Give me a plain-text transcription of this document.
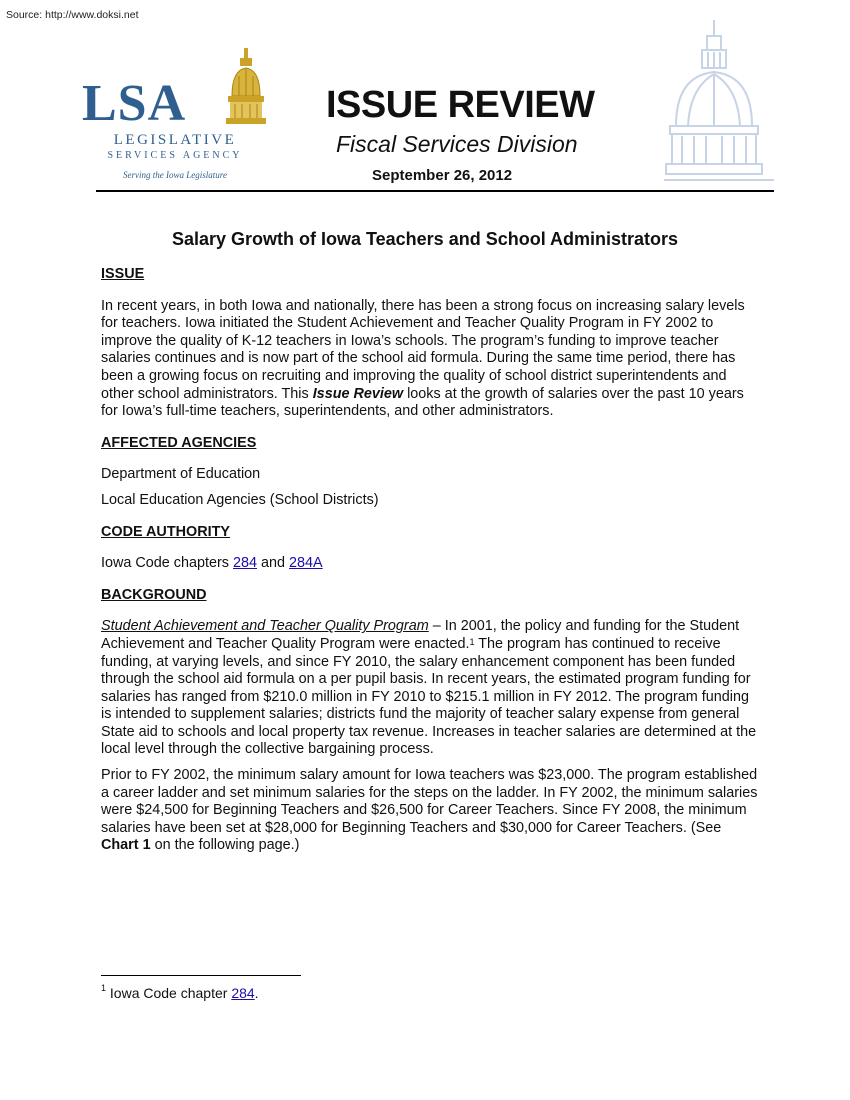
Source: http://www.doksi.net
LSA
LEGISLATIVE
SERVICES AGENCY
Serving the Iowa Legislature
ISSUE REVIEW
Fiscal Services Division
September 26, 2012
Salary Growth of Iowa Teachers and School Administrators
ISSUE

In recent years, in both Iowa and nationally, there has been a strong focus on increasing salary levels for teachers. Iowa initiated the Student Achievement and Teacher Quality Program in FY 2002 to improve the quality of K-12 teachers in Iowa’s schools. The program’s funding to improve teacher salaries continues and is now part of the school aid formula. During the same time period, there has been a growing focus on recruiting and improving the quality of school district superintendents and other school administrators. This Issue Review looks at the growth of salaries over the past 10 years for Iowa’s full-time teachers, superintendents, and other administrators.

AFFECTED AGENCIES

Department of Education

Local Education Agencies (School Districts)

CODE AUTHORITY

Iowa Code chapters 284 and 284A

BACKGROUND

Student Achievement and Teacher Quality Program – In 2001, the policy and funding for the Student Achievement and Teacher Quality Program were enacted.$^1$ The program has continued to receive funding, at varying levels, and since FY 2010, the salary enhancement component has been funded through the school aid formula on a per pupil basis. In recent years, the estimated program funding for salaries has ranged from $210.0 million in FY 2010 to $215.1 million in FY 2012. The program funding is intended to supplement salaries; districts fund the majority of teacher salary expense from general State aid to schools and local property tax revenue. Increases in teacher salaries are determined at the local level through the collective bargaining process.

Prior to FY 2002, the minimum salary amount for Iowa teachers was $23,000. The program established a career ladder and set minimum salaries for the steps on the ladder. In FY 2002, the minimum salaries were $24,500 for Beginning Teachers and $26,500 for Career Teachers. Since FY 2008, the minimum salaries have been set at $28,000 for Beginning Teachers and $30,000 for Career Teachers. (See Chart 1 on the following page.)

$^1$ Iowa Code chapter 284.
